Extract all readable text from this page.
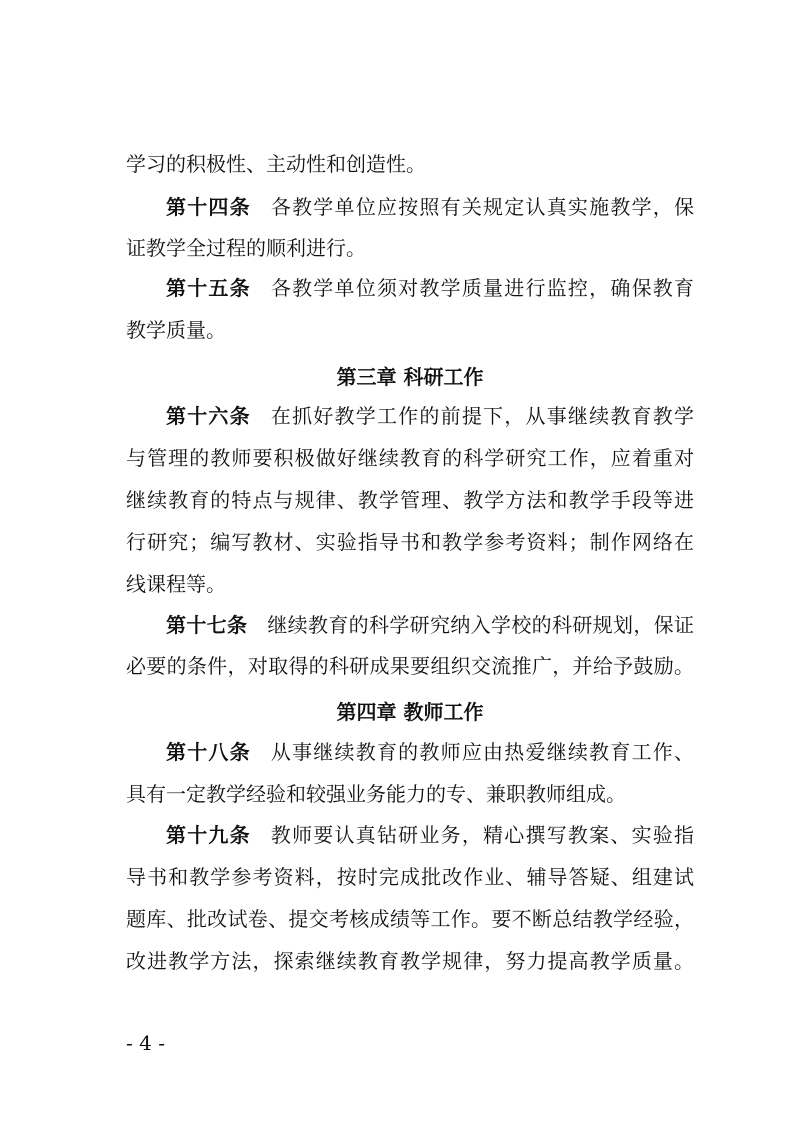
学习的积极性、主动性和创造性。
第十四条 各教学单位应按照有关规定认真实施教学，保
证教学全过程的顺利进行。
第十五条 各教学单位须对教学质量进行监控，确保教育
教学质量。
第三章 科研工作
第十六条 在抓好教学工作的前提下，从事继续教育教学
与管理的教师要积极做好继续教育的科学研究工作，应着重对
继续教育的特点与规律、教学管理、教学方法和教学手段等进
行研究；编写教材、实验指导书和教学参考资料；制作网络在
线课程等。
第十七条 继续教育的科学研究纳入学校的科研规划，保证
必要的条件，对取得的科研成果要组织交流推广，并给予鼓励。
第四章 教师工作
第十八条 从事继续教育的教师应由热爱继续教育工作、
具有一定教学经验和较强业务能力的专、兼职教师组成。
第十九条 教师要认真钻研业务，精心撰写教案、实验指
导书和教学参考资料，按时完成批改作业、辅导答疑、组建试
题库、批改试卷、提交考核成绩等工作。要不断总结教学经验，
改进教学方法，探索继续教育教学规律，努力提高教学质量。
- 4 -
